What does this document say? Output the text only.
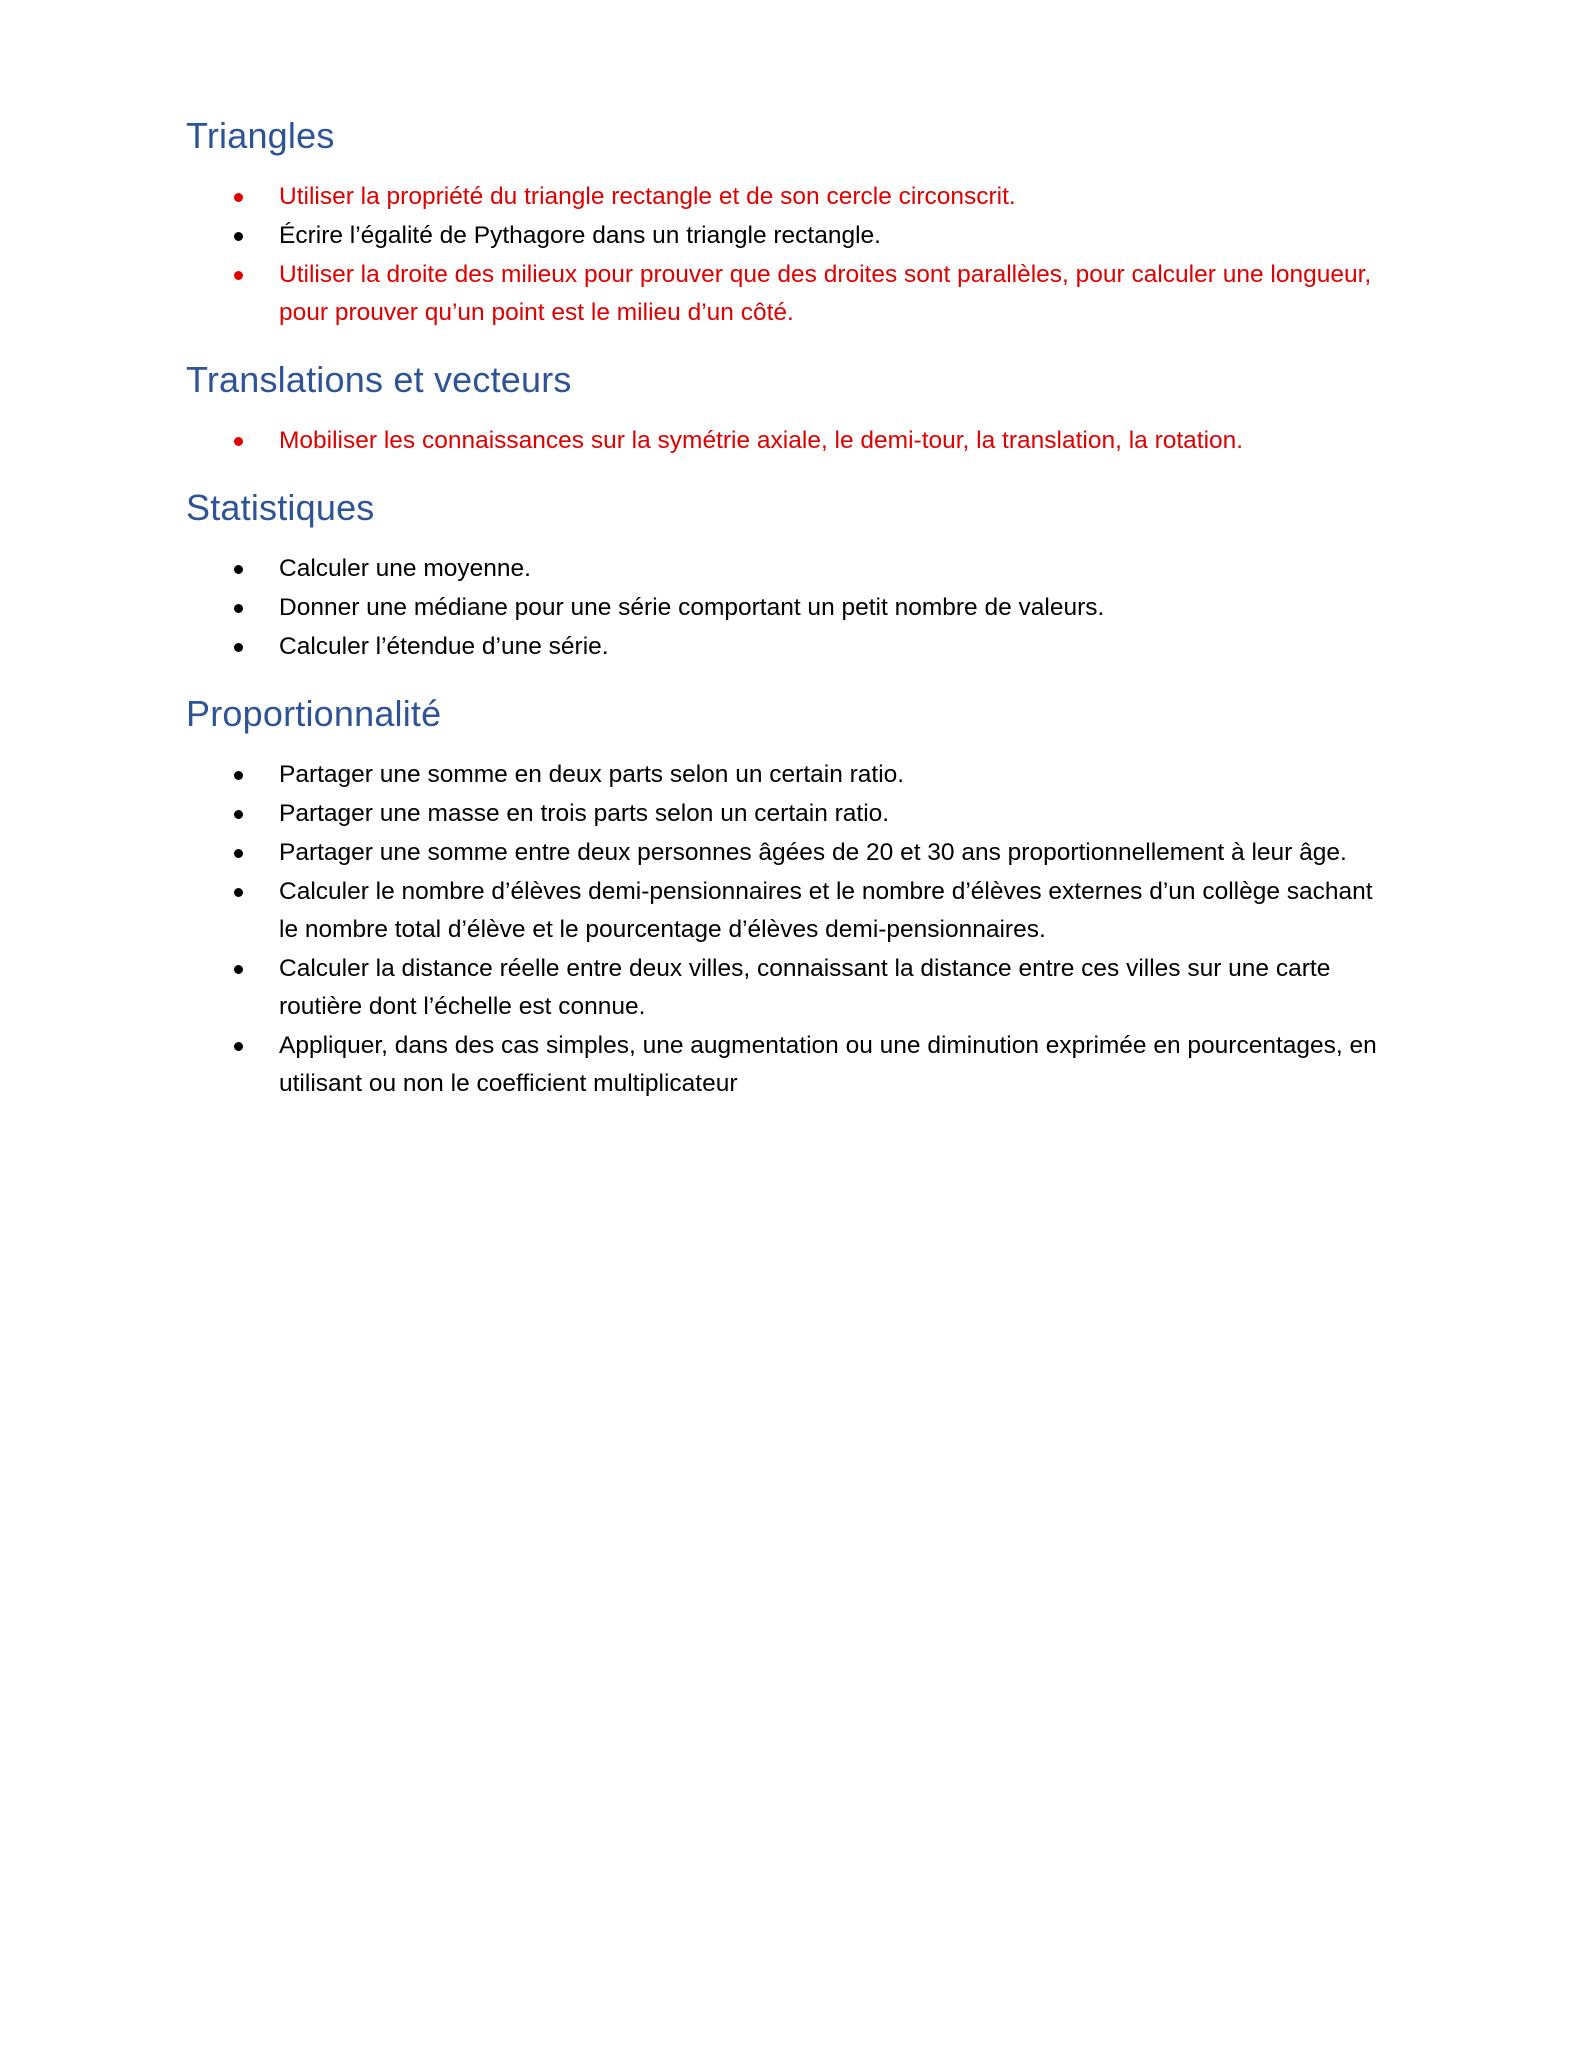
Triangles
Utiliser la propriété du triangle rectangle et de son cercle circonscrit.
Écrire l’égalité de Pythagore dans un triangle rectangle.
Utiliser la droite des milieux pour prouver que des droites sont parallèles, pour calculer une longueur, pour prouver qu’un point est le milieu d’un côté.
Translations et vecteurs
Mobiliser les connaissances sur la symétrie axiale, le demi-tour, la translation, la rotation.
Statistiques
Calculer une moyenne.
Donner une médiane pour une série comportant un petit nombre de valeurs.
Calculer l’étendue d’une série.
Proportionnalité
Partager une somme en deux parts selon un certain ratio.
Partager une masse en trois parts selon un certain ratio.
Partager une somme entre deux personnes âgées de 20 et 30 ans proportionnellement à leur âge.
Calculer le nombre d’élèves demi-pensionnaires et le nombre d’élèves externes d’un collège sachant le nombre total d’élève et le pourcentage d’élèves demi-pensionnaires.
Calculer la distance réelle entre deux villes, connaissant la distance entre ces villes sur une carte routière dont l’échelle est connue.
Appliquer, dans des cas simples, une augmentation ou une diminution exprimée en pourcentages, en utilisant ou non le coefficient multiplicateur
